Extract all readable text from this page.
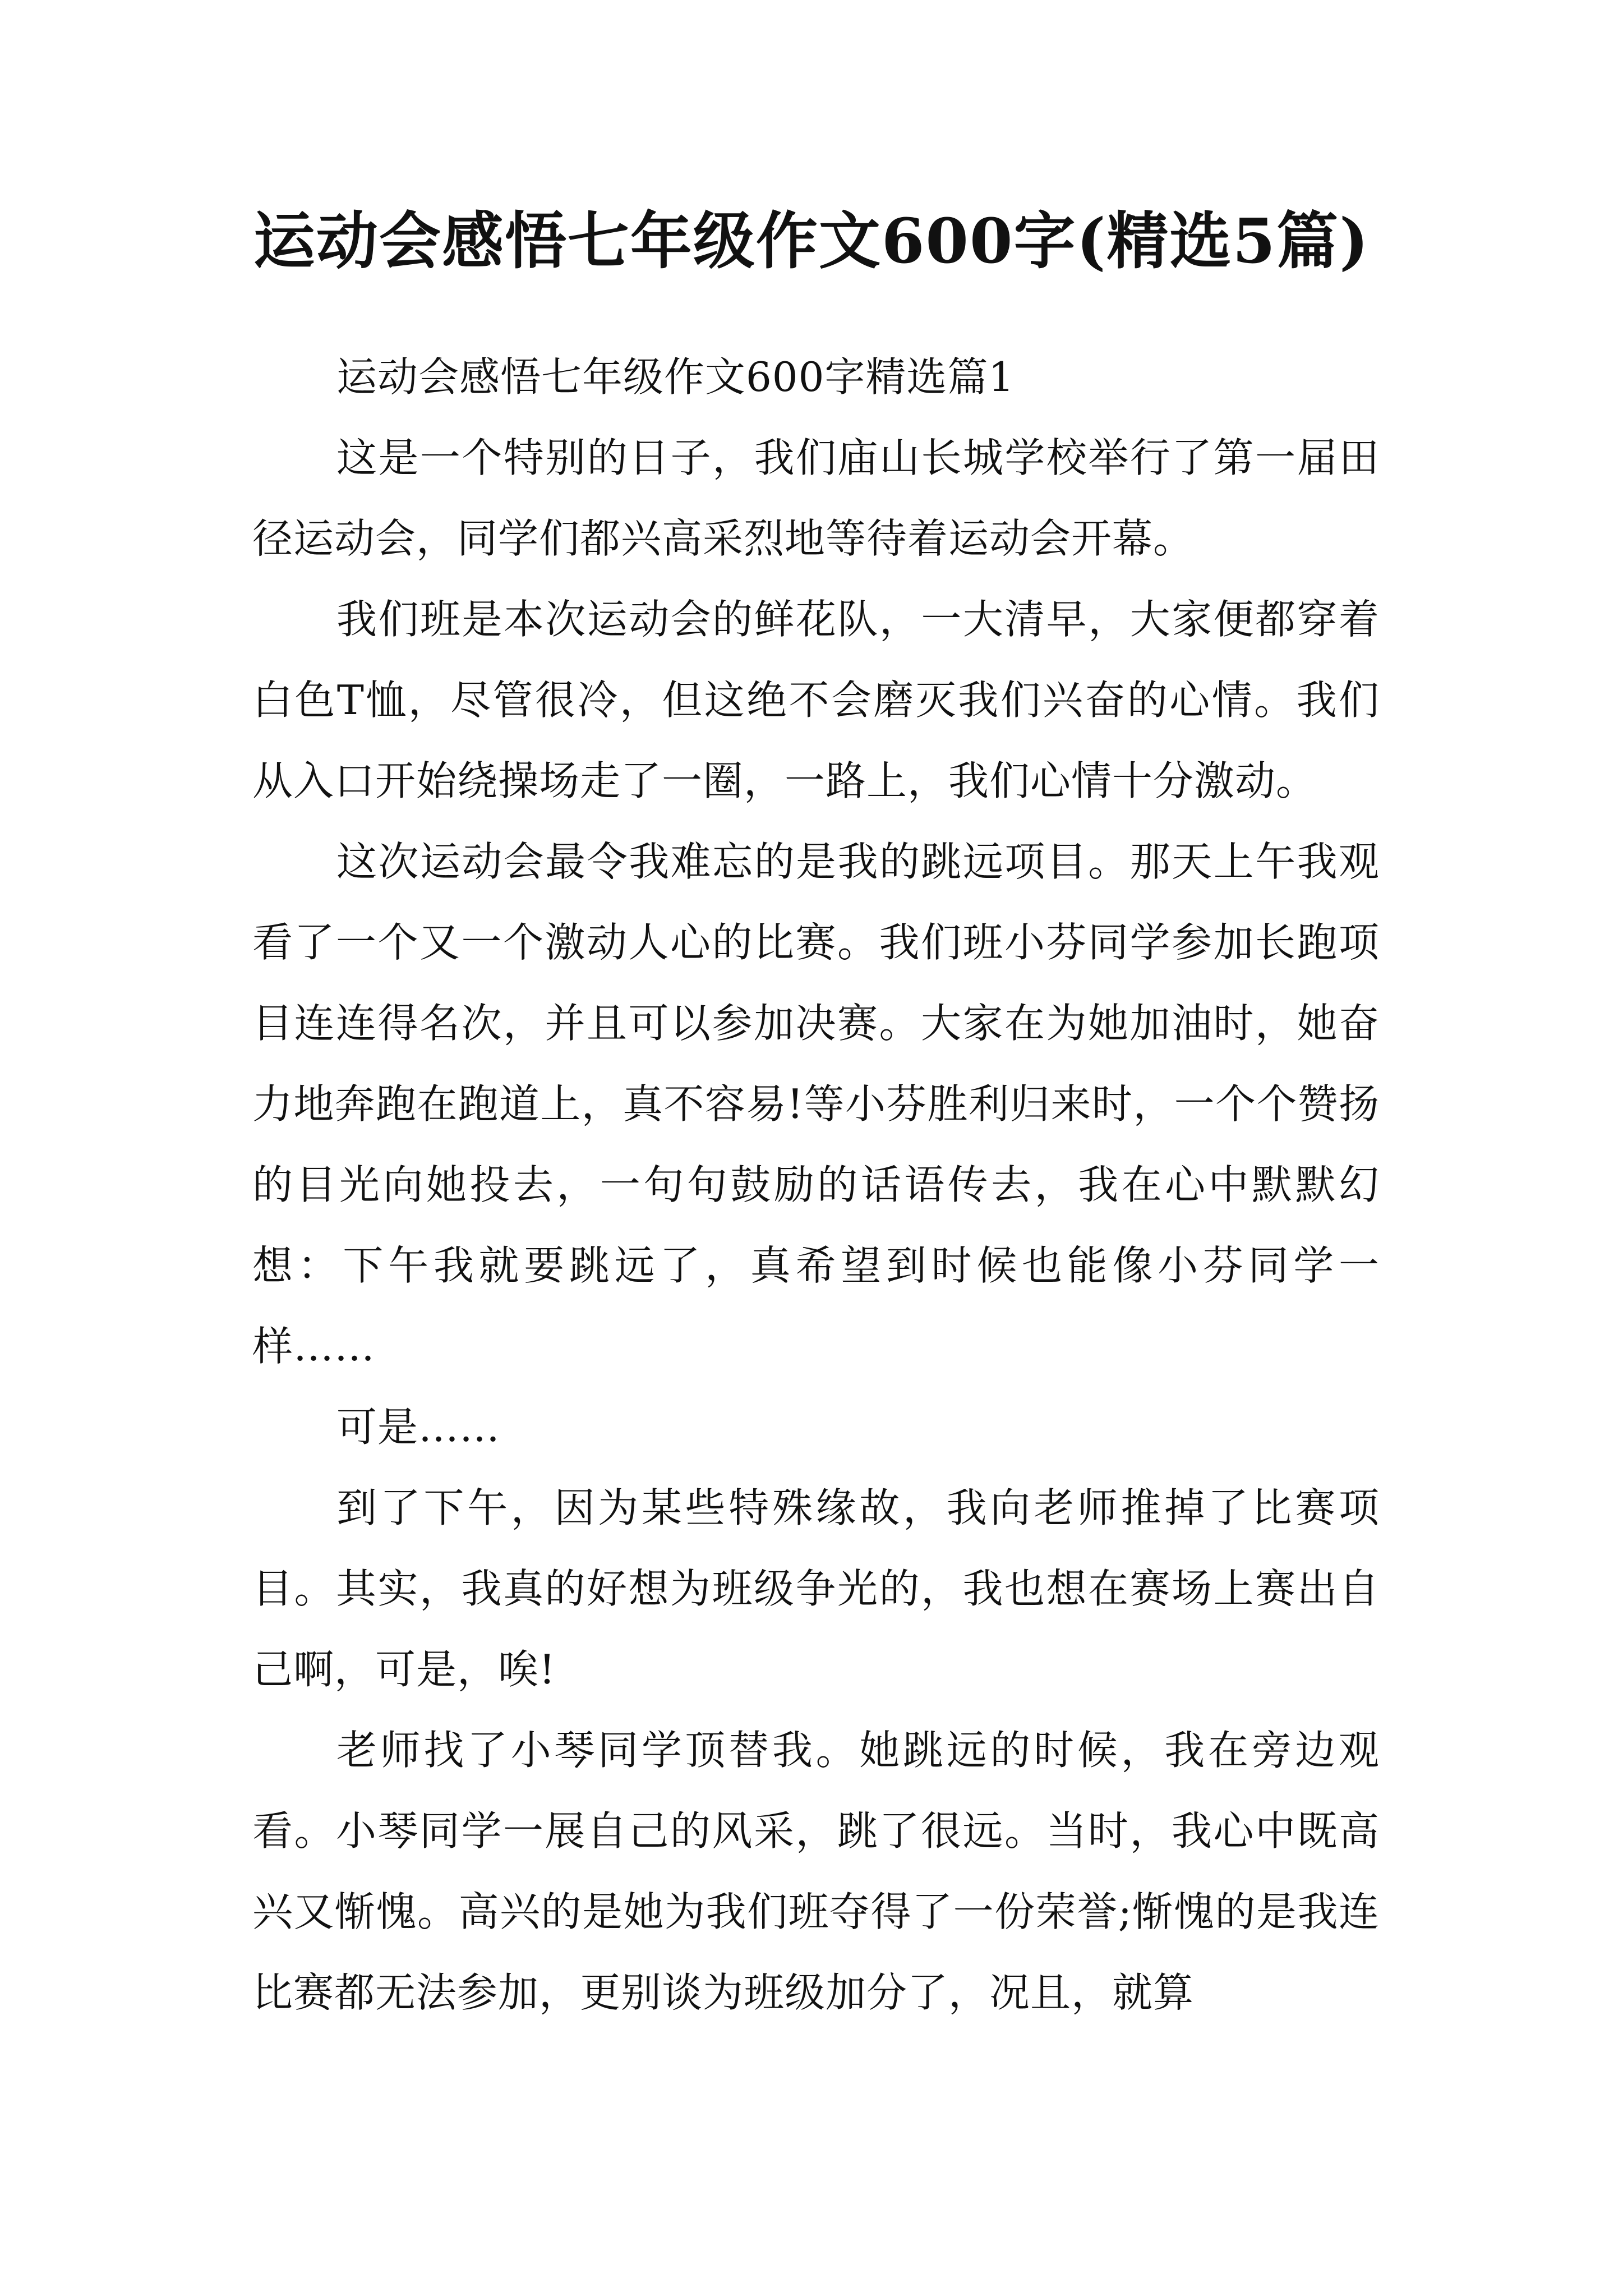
运动会感悟七年级作文600字(精选5篇)

运动会感悟七年级作文600字精选篇1

这是一个特别的日子，我们庙山长城学校举行了第一届田径运动会，同学们都兴高采烈地等待着运动会开幕。

我们班是本次运动会的鲜花队，一大清早，大家便都穿着白色T恤，尽管很冷，但这绝不会磨灭我们兴奋的心情。我们从入口开始绕操场走了一圈，一路上，我们心情十分激动。

这次运动会最令我难忘的是我的跳远项目。那天上午我观看了一个又一个激动人心的比赛。我们班小芬同学参加长跑项目连连得名次，并且可以参加决赛。大家在为她加油时，她奋力地奔跑在跑道上，真不容易!等小芬胜利归来时，一个个赞扬的目光向她投去，一句句鼓励的话语传去，我在心中默默幻想：下午我就要跳远了，真希望到时候也能像小芬同学一样……

可是……

到了下午，因为某些特殊缘故，我向老师推掉了比赛项目。其实，我真的好想为班级争光的，我也想在赛场上赛出自己啊，可是，唉!

老师找了小琴同学顶替我。她跳远的时候，我在旁边观看。小琴同学一展自己的风采，跳了很远。当时，我心中既高兴又惭愧。高兴的是她为我们班夺得了一份荣誉;惭愧的是我连比赛都无法参加，更别谈为班级加分了，况且，就算
